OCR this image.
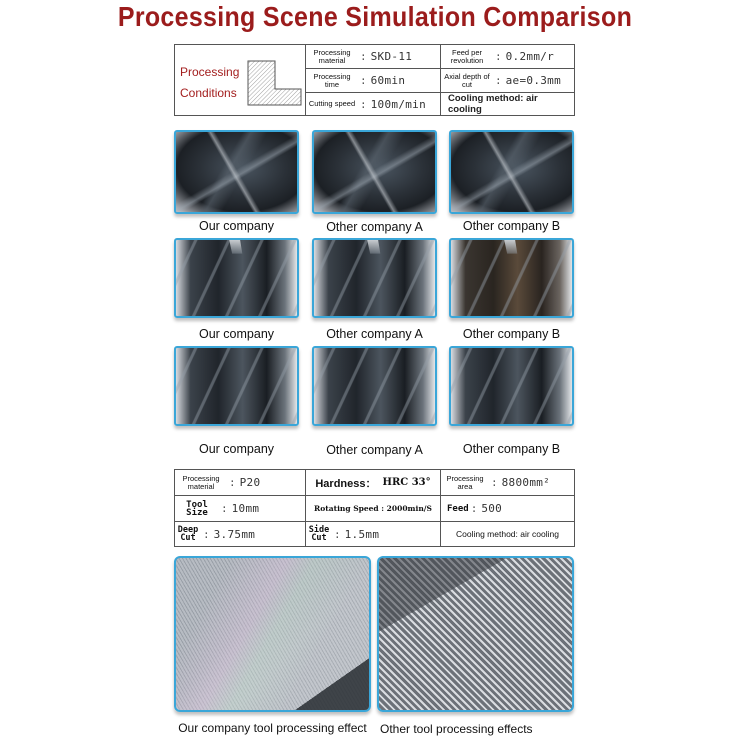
Processing Scene Simulation Comparison
Processing
Conditions
Processing material	: SKD-11	Feed per revolution	: 0.2mm/r
Processing time	: 60min	Axial depth of cut	: ae=0.3mm
Cutting speed : 100m/min	Cooling method: air cooling
Our company	Other company A	Other company B
Our company	Other company A	Other company B
Our company	Other company A	Other company B
Processing material	: P20	Hardness： HRC 33°	Processing area	: 8800mm²
Tool Size	: 10mm	Rotating Speed : 2000min/S Feed : 500
Deep Cut : 3.75mm	Side Cut : 1.5mm	Cooling method: air cooling
Our company tool processing effect	Other tool processing effects
